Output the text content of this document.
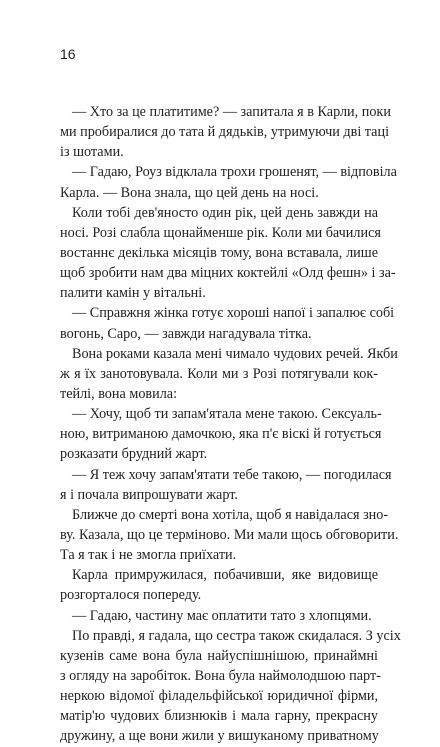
16
— Хто за це платитиме? — запитала я в Карли, поки
ми пробиралися до тата й дядьків, утримуючи дві таці
із шотами.
— Гадаю, Роуз відклала трохи грошенят, — відповіла
Карла. — Вона знала, що цей день на носі.
Коли тобі дев'яносто один рік, цей день завжди на
носі. Розі слабла щонайменше рік. Коли ми бачилися
востаннє декілька місяців тому, вона вставала, лише
щоб зробити нам два міцних коктейлі «Олд фешн» і за-
палити камін у вітальні.
— Справжня жінка готує хороші напої і запалює собі
вогонь, Саро, — завжди нагадувала тітка.
Вона роками казала мені чимало чудових речей. Якби
ж я їх занотовувала. Коли ми з Розі потягували кок-
тейлі, вона мовила:
— Хочу, щоб ти запам'ятала мене такою. Сексуаль-
ною, витриманою дамочкою, яка п'є віскі й готується
розказати брудний жарт.
— Я теж хочу запам'ятати тебе такою, — погодилася
я і почала випрошувати жарт.
Ближче до смерті вона хотіла, щоб я навідалася зно-
ву. Казала, що це терміново. Ми мали щось обговорити.
Та я так і не змогла приїхати.
Карла примружилася, побачивши, яке видовище
розгорталося попереду.
— Гадаю, частину має оплатити тато з хлопцями.
По правді, я гадала, що сестра також скидалася. З усіх
кузенів саме вона була найуспішнішою, принаймні
з огляду на заробіток. Вона була наймолодшою парт-
неркою відомої філадельфійської юридичної фірми,
матір'ю чудових близнюків і мала гарну, прекрасну
дружину, а ще вони жили у вишуканому приватному
